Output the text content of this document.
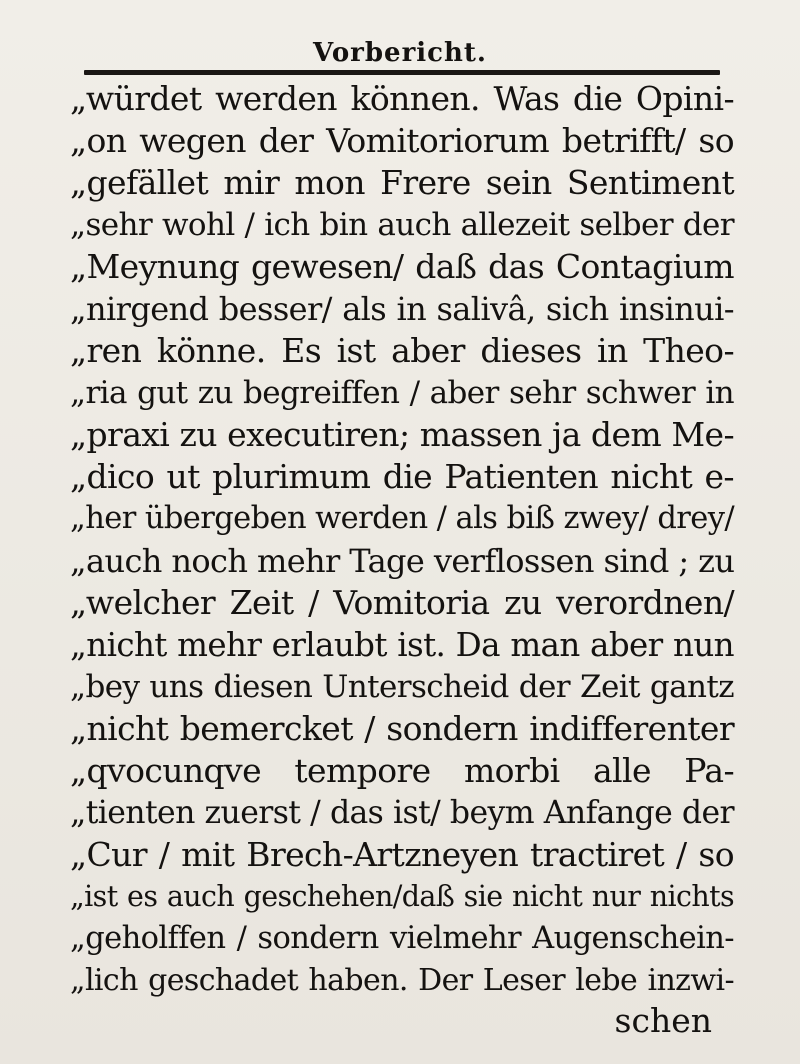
Vorbericht.
„würdet werden können. Was die Opini-
„on wegen der Vomitoriorum betrifft/ so
„gefället mir mon Frere sein Sentiment
„sehr wohl / ich bin auch allezeit selber der
„Meynung gewesen/ daß das Contagium
„nirgend besser/ als in salivâ, sich insinui-
„ren könne. Es ist aber dieses in Theo-
„ria gut zu begreiffen / aber sehr schwer in
„praxi zu executiren; massen ja dem Me-
„dico ut plurimum die Patienten nicht e-
„her übergeben werden / als biß zwey/ drey/
„auch noch mehr Tage verflossen sind ; zu
„welcher Zeit / Vomitoria zu verordnen/
„nicht mehr erlaubt ist. Da man aber nun
„bey uns diesen Unterscheid der Zeit gantz
„nicht bemercket / sondern indifferenter
„qvocunqve tempore morbi alle Pa-
„tienten zuerst / das ist/ beym Anfange der
„Cur / mit Brech-Artzneyen tractiret / so
„ist es auch geschehen/daß sie nicht nur nichts
„geholffen / sondern vielmehr Augenschein-
„lich geschadet haben. Der Leser lebe inzwi-
schen
